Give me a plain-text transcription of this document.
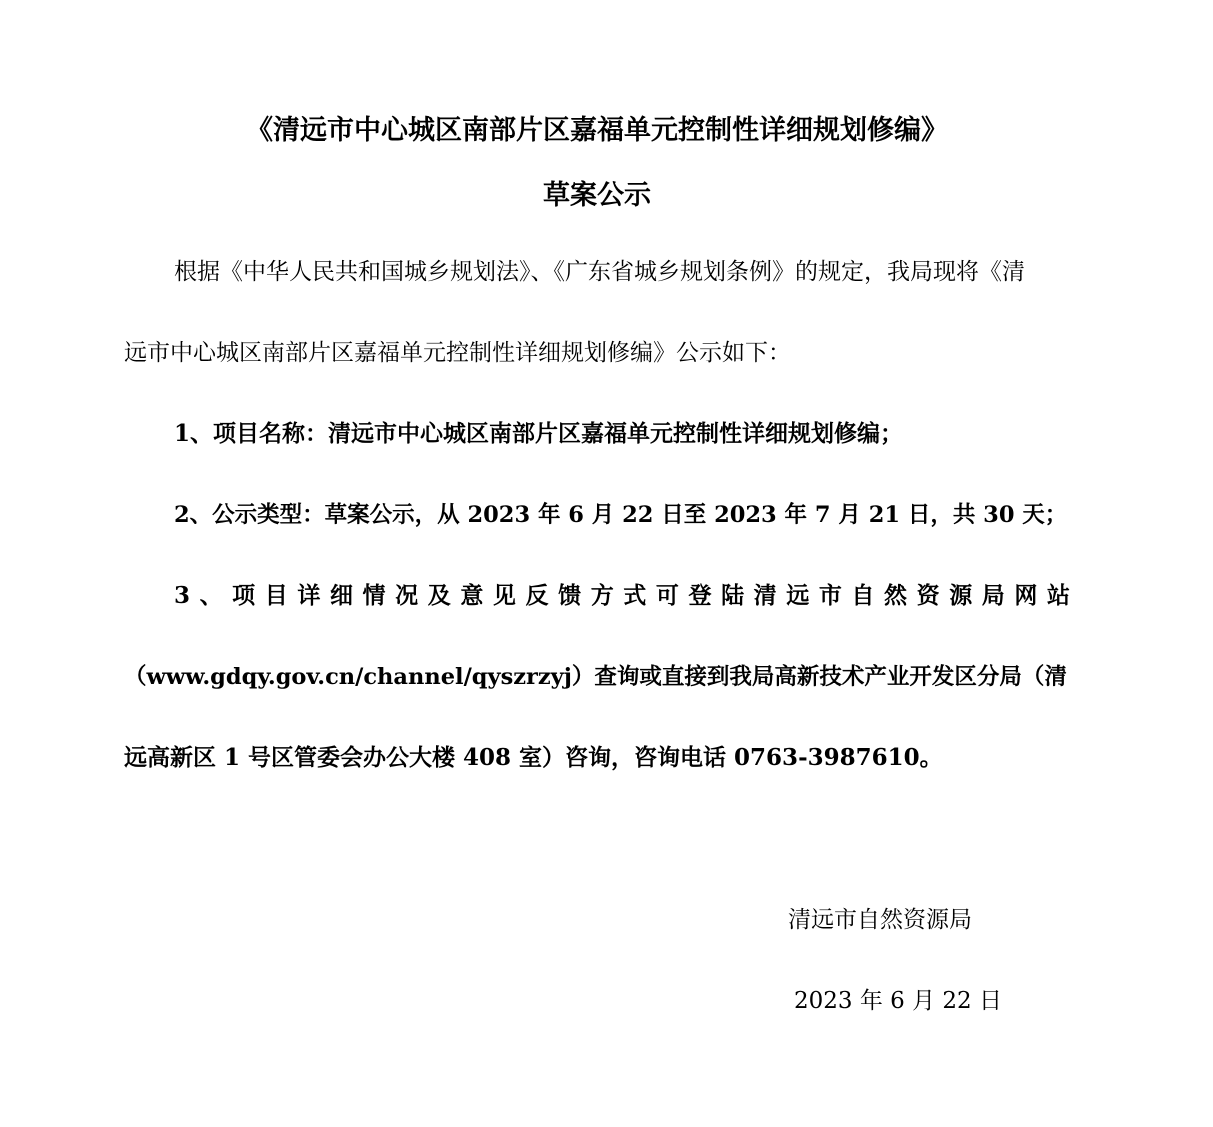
《清远市中心城区南部片区嘉福单元控制性详细规划修编》
草案公示
根据《中华人民共和国城乡规划法》、《广东省城乡规划条例》的规定，我局现将《清
远市中心城区南部片区嘉福单元控制性详细规划修编》公示如下：
1、项目名称：清远市中心城区南部片区嘉福单元控制性详细规划修编；
2、公示类型：草案公示，从 2023 年 6 月 22 日至 2023 年 7 月 21 日，共 30 天；
3、项目详细情况及意见反馈方式可登陆清远市自然资源局网站
（www.gdqy.gov.cn/channel/qyszrzyj）查询或直接到我局高新技术产业开发区分局（清
远高新区 1 号区管委会办公大楼 408 室）咨询，咨询电话 0763-3987610。
清远市自然资源局
2023 年 6 月 22 日
